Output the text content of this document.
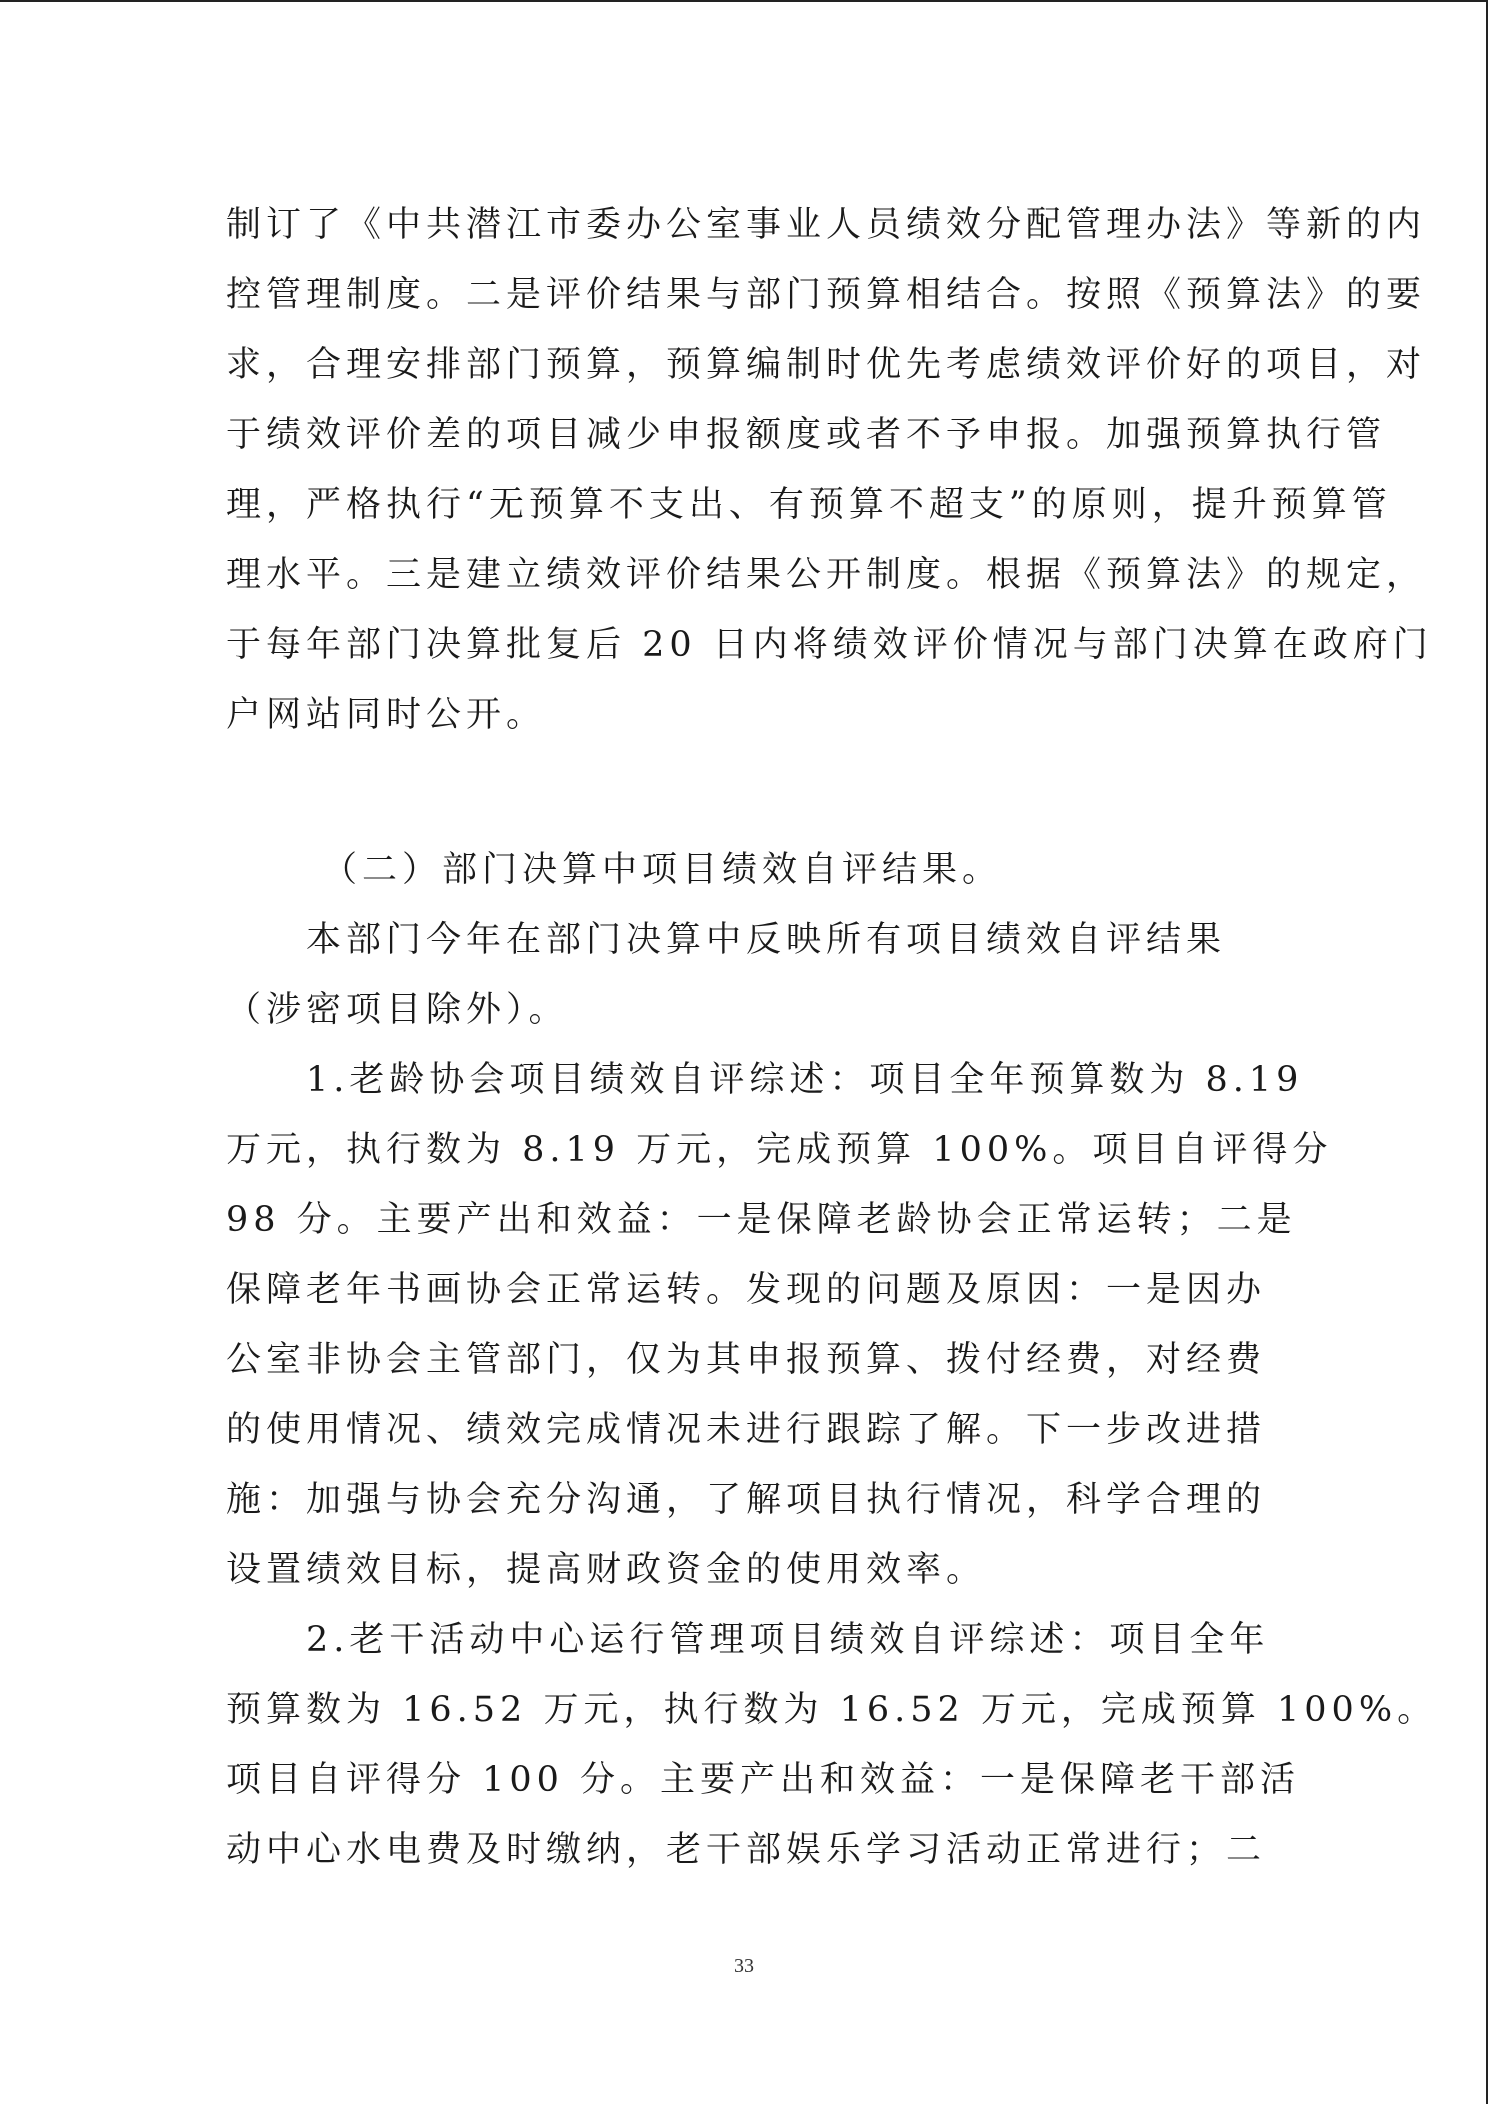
制订了《中共潜江市委办公室事业人员绩效分配管理办法》等新的内
控管理制度。二是评价结果与部门预算相结合。按照《预算法》的要
求，合理安排部门预算，预算编制时优先考虑绩效评价好的项目，对
于绩效评价差的项目减少申报额度或者不予申报。加强预算执行管
理，严格执行“无预算不支出、有预算不超支”的原则，提升预算管
理水平。三是建立绩效评价结果公开制度。根据《预算法》的规定，
于每年部门决算批复后 20 日内将绩效评价情况与部门决算在政府门
户网站同时公开。
（二）部门决算中项目绩效自评结果。
本部门今年在部门决算中反映所有项目绩效自评结果
（涉密项目除外）。
1.老龄协会项目绩效自评综述：项目全年预算数为 8.19
万元，执行数为 8.19 万元，完成预算 100%。项目自评得分
98 分。主要产出和效益：一是保障老龄协会正常运转；二是
保障老年书画协会正常运转。发现的问题及原因：一是因办
公室非协会主管部门，仅为其申报预算、拨付经费，对经费
的使用情况、绩效完成情况未进行跟踪了解。下一步改进措
施：加强与协会充分沟通，了解项目执行情况，科学合理的
设置绩效目标，提高财政资金的使用效率。
2.老干活动中心运行管理项目绩效自评综述：项目全年
预算数为 16.52 万元，执行数为 16.52 万元，完成预算 100%。
项目自评得分 100 分。主要产出和效益：一是保障老干部活
动中心水电费及时缴纳，老干部娱乐学习活动正常进行；二
33
